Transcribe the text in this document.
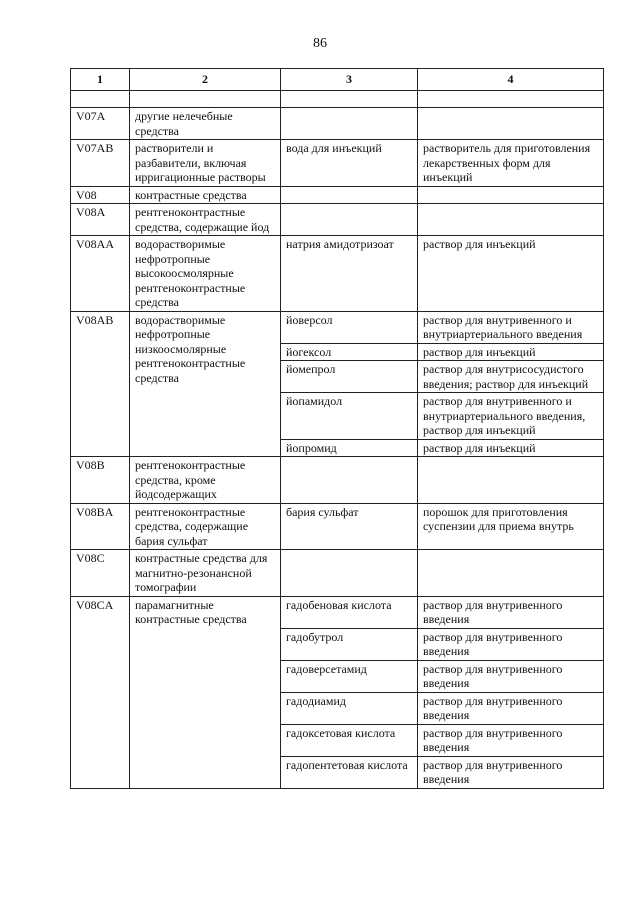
86
1	2	3	4

V07A	другие нелечебные средства		
V07AB	растворители и разбавители, включая ирригационные растворы	вода для инъекций	растворитель для приготовления лекарственных форм для инъекций
V08	контрастные средства		
V08A	рентгеноконтрастные средства, содержащие йод		
V08AA	водорастворимые нефротропные высокоосмолярные рентгеноконтрастные средства	натрия амидотризоат	раствор для инъекций
V08AB	водорастворимые нефротропные низкоосмолярные рентгеноконтрастные средства	йоверсол	раствор для внутривенного и внутриартериального введения
		йогексол	раствор для инъекций
		йомепрол	раствор для внутрисосудистого введения; раствор для инъекций
		йопамидол	раствор для внутривенного и внутриартериального введения, раствор для инъекций
		йопромид	раствор для инъекций
V08B	рентгеноконтрастные средства, кроме йодсодержащих		
V08BA	рентгеноконтрастные средства, содержащие бария сульфат	бария сульфат	порошок для приготовления суспензии для приема внутрь
V08C	контрастные средства для магнитно-резонансной томографии		
V08CA	парамагнитные контрастные средства	гадобеновая кислота	раствор для внутривенного введения
		гадобутрол	раствор для внутривенного введения
		гадоверсетамид	раствор для внутривенного введения
		гадодиамид	раствор для внутривенного введения
		гадоксетовая кислота	раствор для внутривенного введения
		гадопентетовая кислота	раствор для внутривенного введения
